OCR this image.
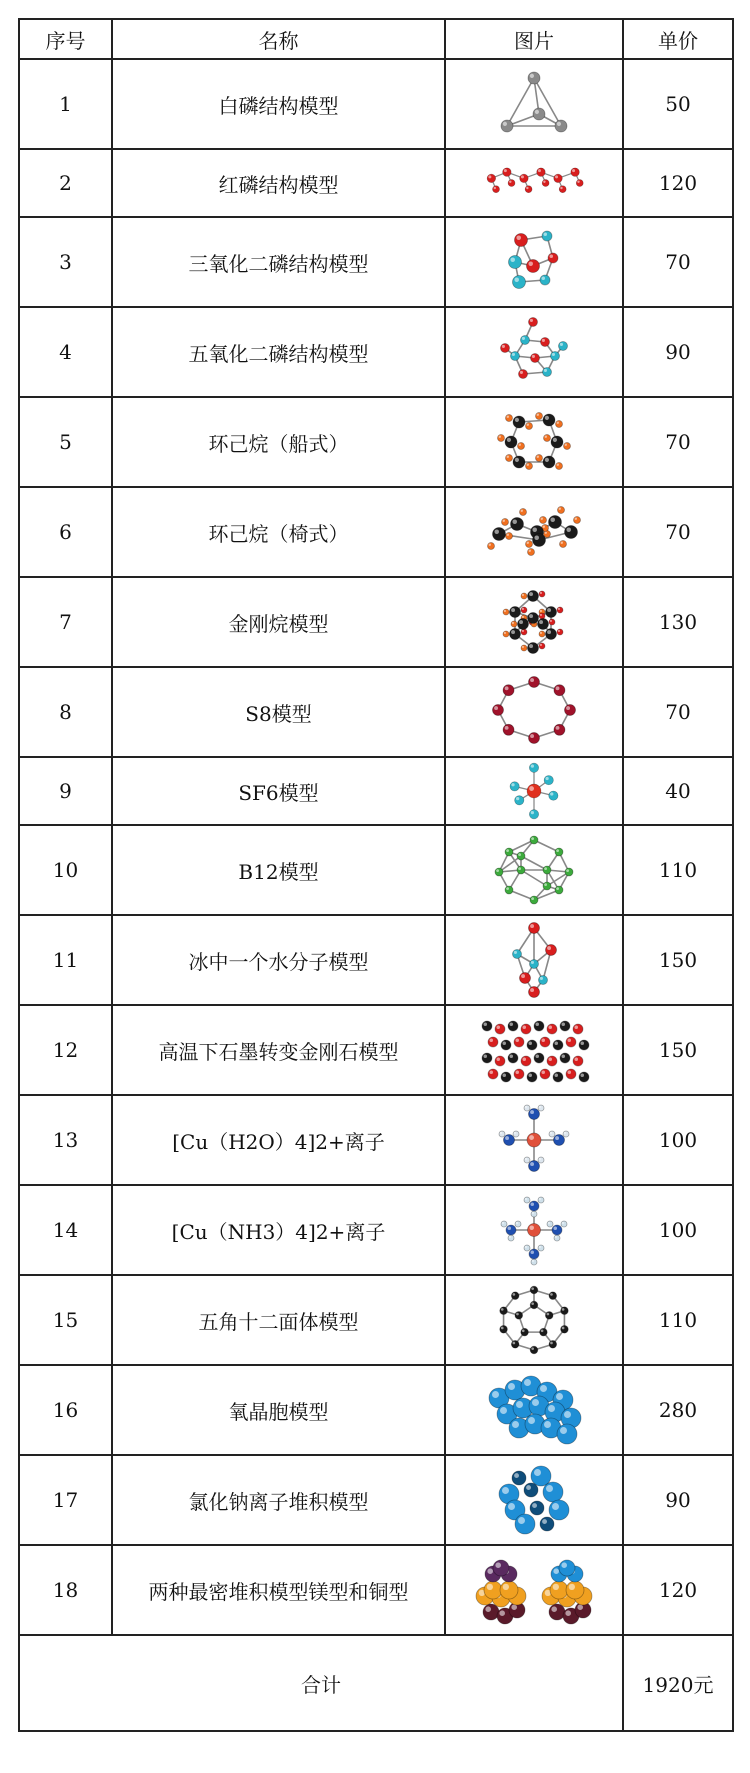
序号	名称	图片	单价
1	白磷结构模型		50
2	红磷结构模型		120
3	三氧化二磷结构模型		70
4	五氧化二磷结构模型		90
5	环己烷（船式）		70
6	环己烷（椅式）		70
7	金刚烷模型		130
8	S8模型		70
9	SF6模型		40
10	B12模型		110
11	冰中一个水分子模型		150
12	高温下石墨转变金刚石模型		150
13	[Cu（H2O）4]2+离子		100
14	[Cu（NH3）4]2+离子		100
15	五角十二面体模型		110
16	氧晶胞模型		280
17	氯化钠离子堆积模型		90
18	两种最密堆积模型镁型和铜型		120
合计			1920元
